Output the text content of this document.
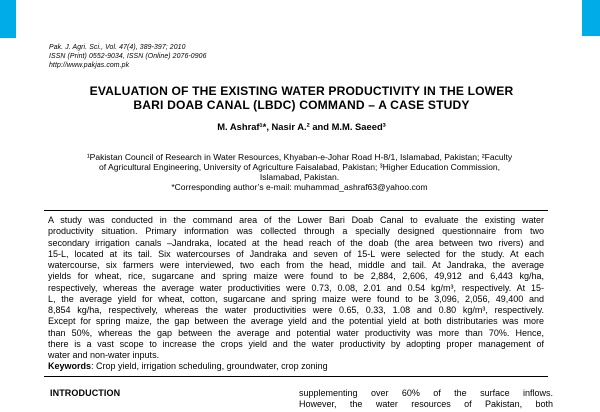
Pak. J. Agri. Sci., Vol. 47(4), 389-397; 2010
ISSN (Print) 0552-9034, ISSN (Online) 2076-0906
http://www.pakjas.com.pk
EVALUATION OF THE EXISTING WATER PRODUCTIVITY IN THE LOWER
BARI DOAB CANAL (LBDC) COMMAND – A CASE STUDY
M. Ashraf¹*, Nasir A.² and M.M. Saeed³
¹Pakistan Council of Research in Water Resources, Khyaban-e-Johar Road H-8/1, Islamabad, Pakistan; ²Faculty
of Agricultural Engineering, University of Agriculture Faisalabad, Pakistan; ³Higher Education Commission,
Islamabad, Pakistan.
*Corresponding author’s e-mail: muhammad_ashraf63@yahoo.com
A study was conducted in the command area of the Lower Bari Doab Canal to evaluate the existing water
productivity situation. Primary information was collected through a specially designed questionnaire from two
secondary irrigation canals –Jandraka, located at the head reach of the doab (the area between two rivers) and
15-L, located at its tail. Six watercourses of Jandraka and seven of 15-L were selected for the study. At each
watercourse, six farmers were interviewed, two each from the head, middle and tail. At Jandraka, the average
yields for wheat, rice, sugarcane and spring maize were found to be 2,884, 2,606, 49,912 and 6,443 kg/ha,
respectively, whereas the average water productivities were 0.73, 0.08, 2.01 and 0.54 kg/m³, respectively. At 15-
L, the average yield for wheat, cotton, sugarcane and spring maize were found to be 3,096, 2,056, 49,400 and
8,854 kg/ha, respectively, whereas the water productivities were 0.65, 0.33, 1.08 and 0.80 kg/m³, respectively.
Except for spring maize, the gap between the average yield and the potential yield at both distributaries was more
than 50%, whereas the gap between the average and potential water productivity was more than 70%. Hence,
there is a vast scope to increase the crops yield and the water productivity by adopting proper management of
water and non-water inputs.
Keywords: Crop yield, irrigation scheduling, groundwater, crop zoning
INTRODUCTION	supplementing over 60% of the surface inflows.
However, the water resources of Pakistan, both
